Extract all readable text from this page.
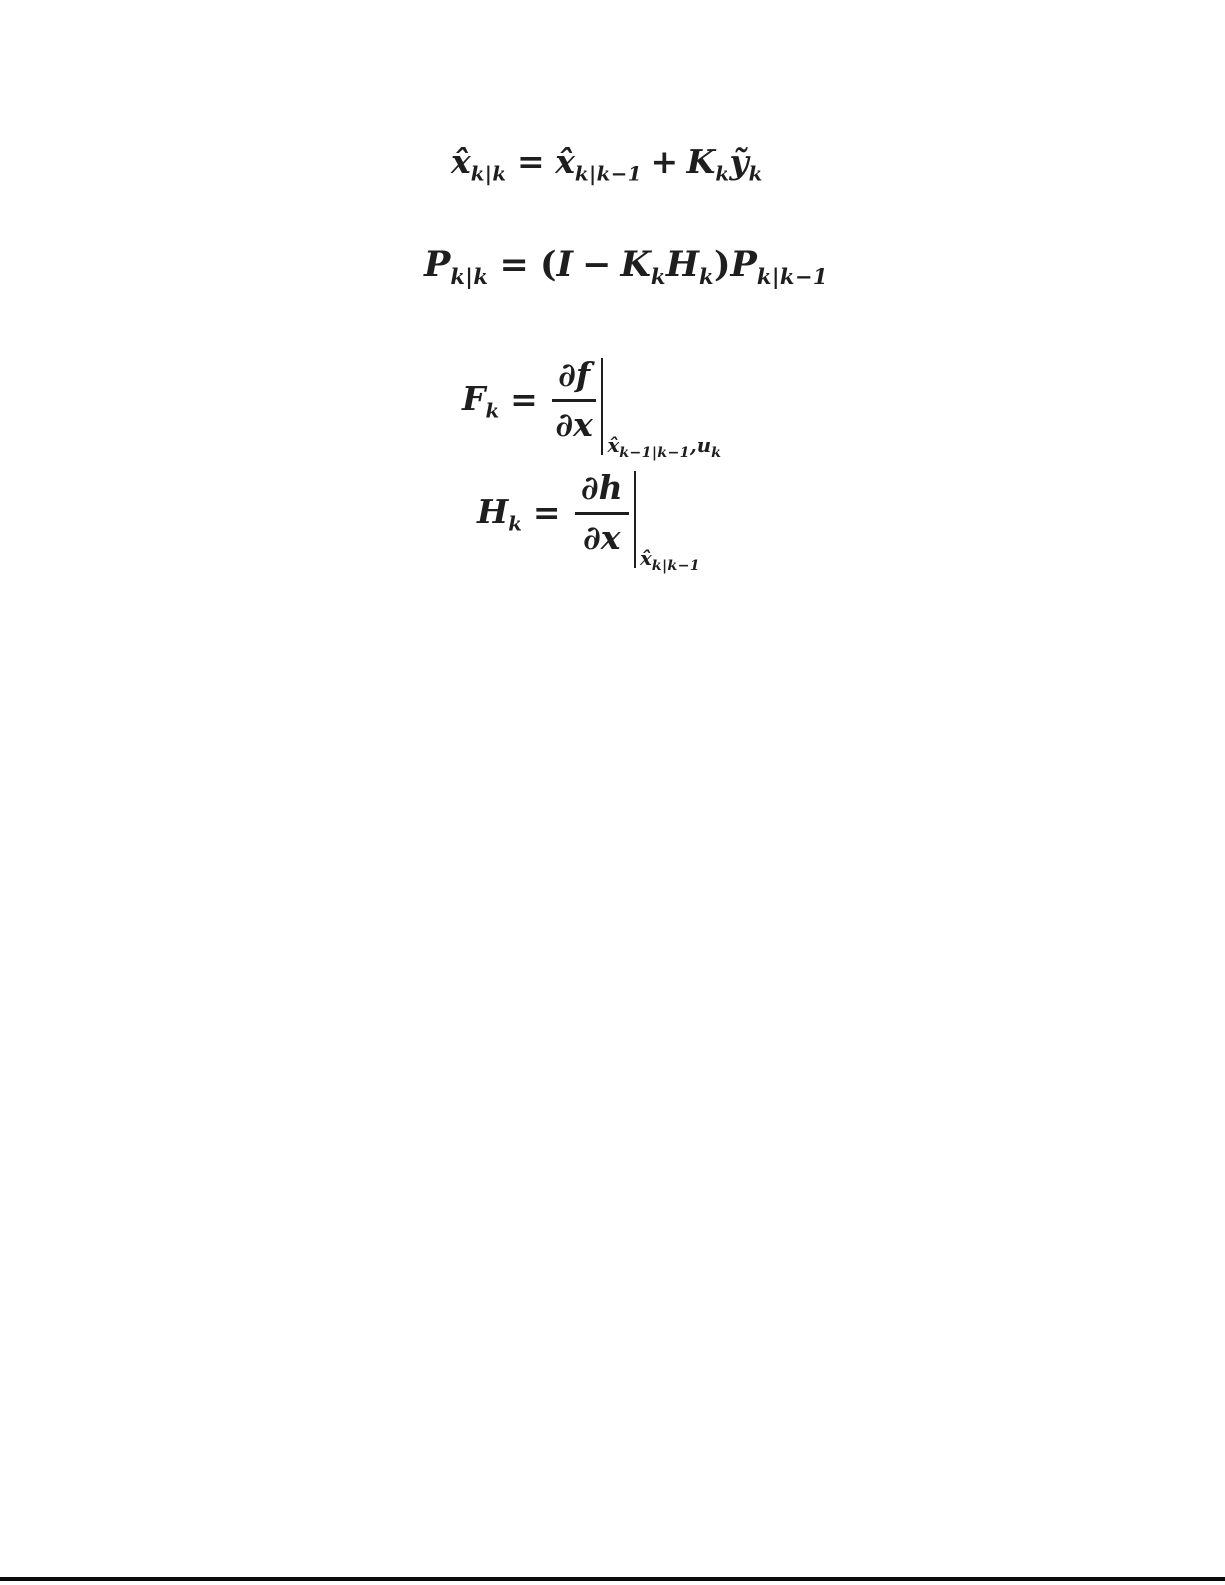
$x̂_{k|k}$ = $x̂_{k|k-1}$ + $K_kỹ_k$
$P_{k|k} = (I - K_kH_k)P_{k|k-1}$
$F_k = \frac{\partial f}{\partial x}$
$x̂_{k-1|k-1},u_k$
$H_k = \frac{\partial h}{\partial x}$
$x̂_{k|k-1}$
